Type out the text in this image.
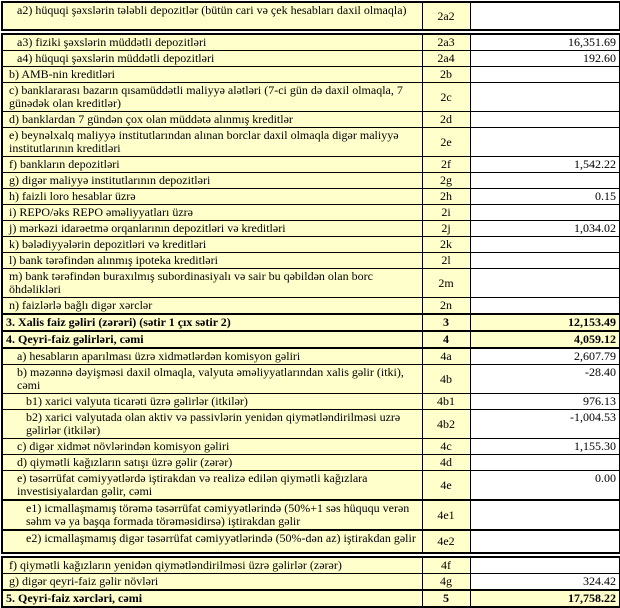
a2) hüquqi şəxslərin tələbli depozitlər (bütün cari və çek hesabları daxil olmaqla)	2a2	
a3) fiziki şəxslərin müddətli depozitləri	2a3	16,351.69
a4) hüquqi şəxslərin müddətli depozitləri	2a4	192.60
b) AMB-nin kreditləri	2b	
c) banklararası bazarın qısamüddətli maliyyə alətləri (7-ci gün də daxil olmaqla, 7 günədək olan kreditlər)	2c	
d) banklardan 7 gündən çox olan müddətə alınmış kreditlər	2d	
e) beynəlxalq maliyyə institutlarından alınan borclar daxil olmaqla digər maliyyə institutlarının kreditləri	2e	
f) bankların depozitləri	2f	1,542.22
g) digər maliyyə institutlarının depozitləri	2g	
h) faizli loro hesablar üzrə	2h	0.15
i) REPO/əks REPO əməliyyatları üzrə	2i	
j) mərkəzi idarəetmə orqanlarının depozitləri və kreditləri	2j	1,034.02
k) bələdiyyələrin depozitləri və kreditləri	2k	
l) bank tərəfindən alınmış ipoteka kreditləri	2l	
m) bank tərəfindən buraxılmış subordinasiyalı və sair bu qəbildən olan borc öhdəlikləri	2m	
n) faizlərlə bağlı digər xərclər	2n	
3. Xalis faiz gəliri (zərəri) (sətir 1 çıx sətir 2)	3	12,153.49
4. Qeyri-faiz gəlirləri, cəmi	4	4,059.12
a) hesabların aparılması üzrə xidmətlərdən komisyon gəliri	4a	2,607.79
b) məzənnə dəyişməsi daxil olmaqla, valyuta əməliyyatlarından xalis gəlir (itki), cəmi	4b	-28.40
b1) xarici valyuta ticarəti üzrə gəlirlər (itkilər)	4b1	976.13
b2) xarici valyutada olan aktiv və passivlərin yenidən qiymətləndirilməsi uzrə gəlirlər (itkilər)	4b2	-1,004.53
c) digər xidmət növlərindən komisyon gəliri	4c	1,155.30
d) qiymətli kağızların satışı üzrə gəlir (zərər)	4d	
e) təsərrüfat cəmiyyətlərdə iştirakdan və realizə edilən qiymətli kağızlara investisiyalardan gəlir, cəmi	4e	0.00
e1) icmallaşmamış törəmə təsərrüfat cəmiyyətlərində (50%+1 səs hüququ verən səhm və ya başqa formada törəməsidirsə) iştirakdan gəlir	4e1	
e2) icmallaşmamış digər təsərrüfat cəmiyyətlərində (50%-dən az) iştirakdan gəlir	4e2	
f) qiymətli kağızların yenidən qiymətləndirilməsi üzrə gəlirlər (zərər)	4f	
g) digər qeyri-faiz gəlir növləri	4g	324.42
5. Qeyri-faiz xərcləri, cəmi	5	17,758.22
